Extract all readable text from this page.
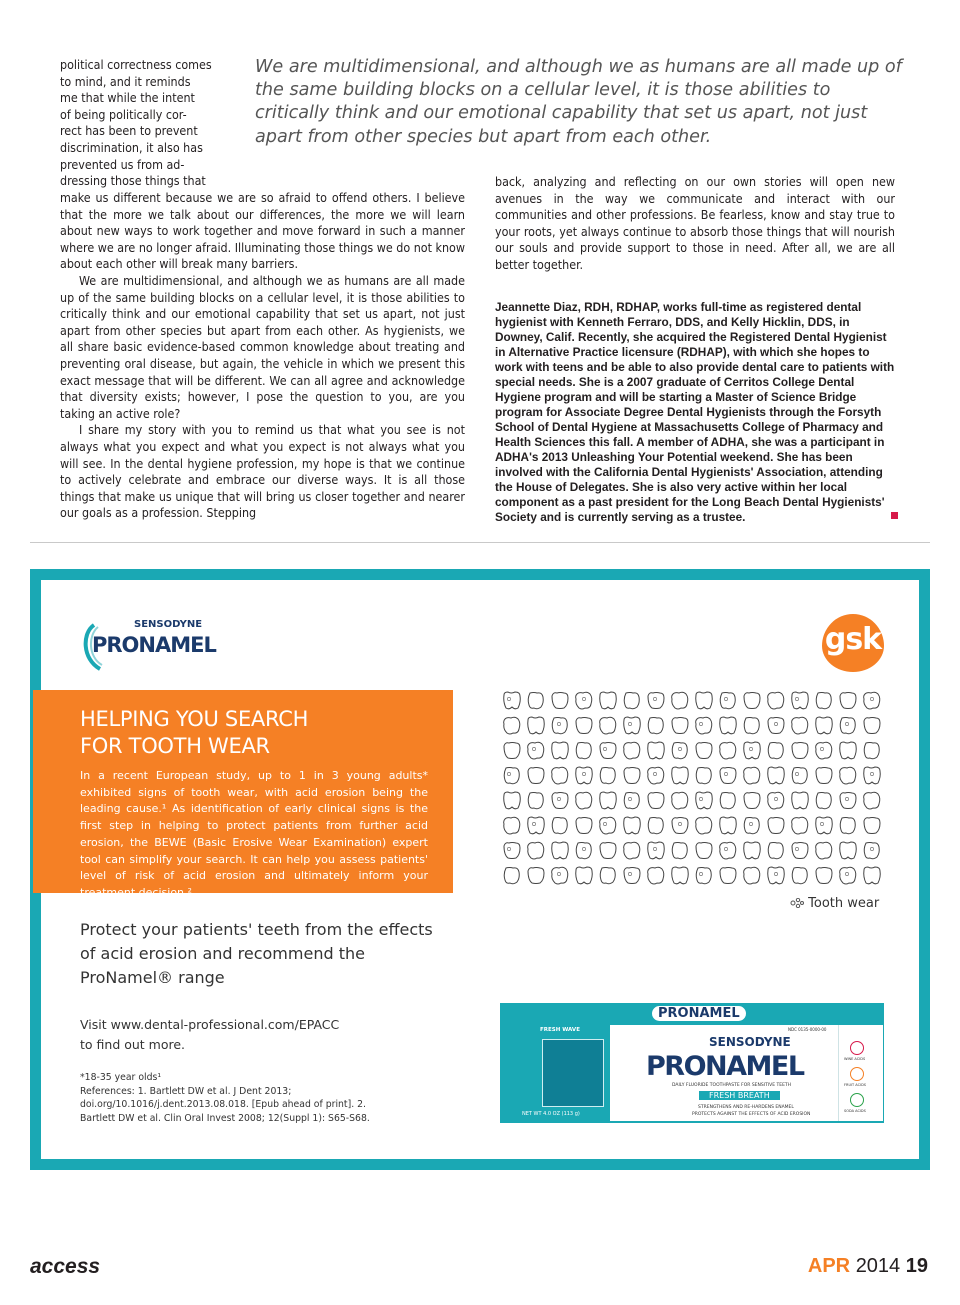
political correctness comes
to mind, and it reminds
me that while the intent
of being politically cor-
rect has been to prevent
discrimination, it also has
prevented us from ad-
dressing those things that
We are multidimensional, and although we as humans are all made up of the same building blocks on a cellular level, it is those abilities to critically think and our emotional capability that set us apart, not just apart from other species but apart from each other.

make us different because we are so afraid to offend others. I believe that the more we talk about our differences, the more we will learn about new ways to work together and move forward in such a manner where we are no longer afraid. Illuminating those things we do not know about each other will break many barriers.

We are multidimensional, and although we as humans are all made up of the same building blocks on a cellular level, it is those abilities to critically think and our emotional capability that set us apart, not just apart from other species but apart from each other. As hygienists, we all share basic evidence-based common knowledge about treating and preventing oral disease, but again, the vehicle in which we present this exact message that will be different. We can all agree and acknowledge that diversity exists; however, I pose the question to you, are you taking an active role?

I share my story with you to remind us that what you see is not always what you expect and what you expect is not always what you will see. In the dental hygiene profession, my hope is that we continue to actively celebrate and embrace our diverse ways. It is all those things that make us unique that will bring us closer together and nearer our goals as a profession. Stepping

back, analyzing and reflecting on our own stories will open new avenues in the way we communicate and interact with our communities and other professions. Be fearless, know and stay true to your roots, yet always continue to absorb those things that will nourish our souls and provide support to those in need. After all, we are all better together.

Jeannette Diaz, RDH, RDHAP, works full-time as registered dental hygienist with Kenneth Ferraro, DDS, and Kelly Hicklin, DDS, in Downey, Calif. Recently, she acquired the Registered Dental Hygienist in Alternative Practice licensure (RDHAP), with which she hopes to work with teens and be able to also provide dental care to patients with special needs. She is a 2007 graduate of Cerritos College Dental Hygiene program and will be starting a Master of Science Bridge program for Associate Degree Dental Hygienists through the Forsyth School of Dental Hygiene at Massachusetts College of Pharmacy and Health Sciences this fall. A member of ADHA, she was a participant in ADHA's 2013 Unleashing Your Potential weekend. She has been involved with the California Dental Hygienists' Association, attending the House of Delegates. She is also very active within her local component as a past president for the Long Beach Dental Hygienists' Society and is currently serving as a trustee.
SENSODYNE
PRONAMEL	gsk
HELPING YOU SEARCH
FOR TOOTH WEAR
In a recent European study, up to 1 in 3 young adults* exhibited signs of tooth wear, with acid erosion being the leading cause.¹ As identification of early clinical signs is the first step in helping to protect patients from further acid erosion, the BEWE (Basic Erosive Wear Examination) expert tool can simplify your search. It can help you assess patients' level of risk of acid erosion and ultimately inform your treatment decision.²
Tooth wear
Protect your patients' teeth from the effects
of acid erosion and recommend the
ProNamel® range
Visit www.dental-professional.com/EPACC
to find out more.
*18-35 year olds¹
References: 1. Bartlett DW et al. J Dent 2013; doi.org/10.1016/j.dent.2013.08.018. [Epub ahead of print]. 2. Bartlett DW et al. Clin Oral Invest 2008; 12(Suppl 1): S65-S68.
PRONAMEL
FRESH WAVE
NET WT 4.0 OZ (113 g)
SENSODYNE
PRONAMEL
DAILY FLUORIDE TOOTHPASTE FOR SENSITIVE TEETH
FRESH BREATH
STRENGTHENS AND RE-HARDENS ENAMEL
PROTECTS AGAINST THE EFFECTS OF ACID EROSION
NDC 0135-0000-00
WINE ACIDS
FRUIT ACIDS
SODA ACIDS
access	APR 2014 19
